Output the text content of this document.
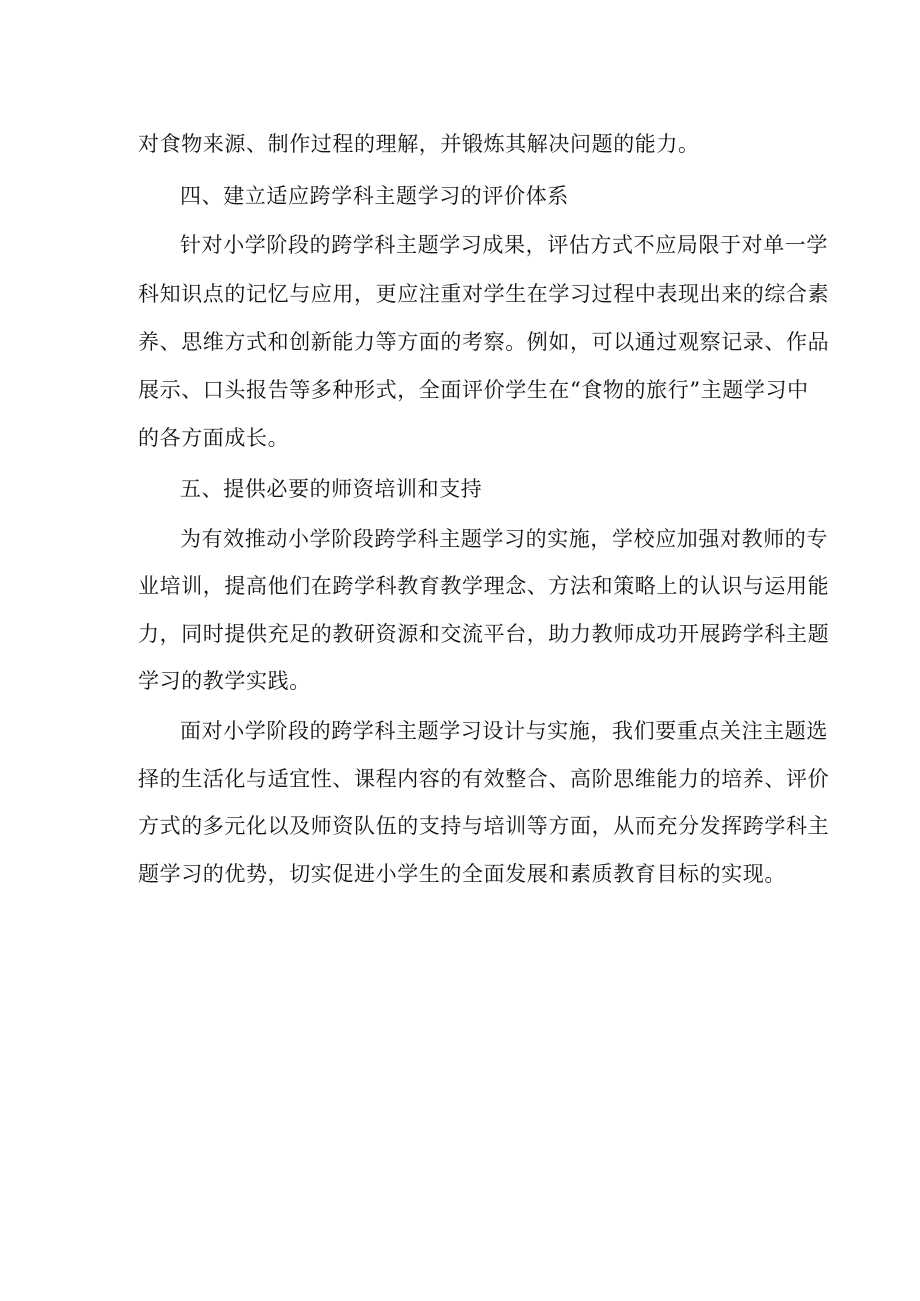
对食物来源、制作过程的理解，并锻炼其解决问题的能力。
四、建立适应跨学科主题学习的评价体系
针对小学阶段的跨学科主题学习成果，评估方式不应局限于对单一学
科知识点的记忆与应用，更应注重对学生在学习过程中表现出来的综合素
养、思维方式和创新能力等方面的考察。例如，可以通过观察记录、作品
展示、口头报告等多种形式，全面评价学生在“食物的旅行”主题学习中
的各方面成长。
五、提供必要的师资培训和支持
为有效推动小学阶段跨学科主题学习的实施，学校应加强对教师的专
业培训，提高他们在跨学科教育教学理念、方法和策略上的认识与运用能
力，同时提供充足的教研资源和交流平台，助力教师成功开展跨学科主题
学习的教学实践。
面对小学阶段的跨学科主题学习设计与实施，我们要重点关注主题选
择的生活化与适宜性、课程内容的有效整合、高阶思维能力的培养、评价
方式的多元化以及师资队伍的支持与培训等方面，从而充分发挥跨学科主
题学习的优势，切实促进小学生的全面发展和素质教育目标的实现。
